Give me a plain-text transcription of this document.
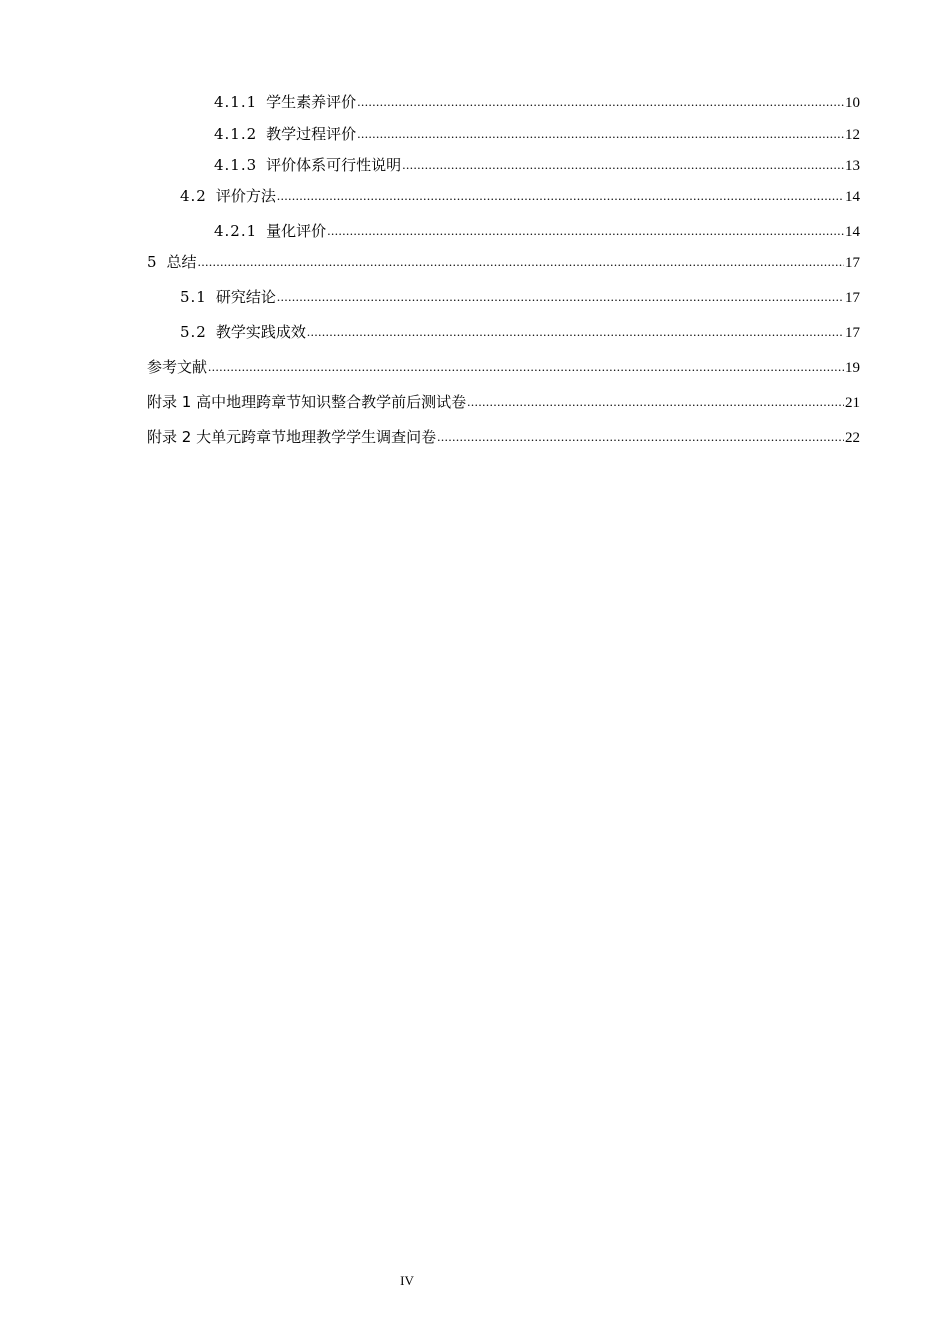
4.1.1 学生素养评价 .....	10
4.1.2 教学过程评价 .....	12
4.1.3 评价体系可行性说明 .....	13
4.2 评价方法 .....	14
4.2.1 量化评价 .....	14
5 总结 .....	17
5.1 研究结论 .....	17
5.2 教学实践成效 .....	17
参考文献 .....	19
附录 1 高中地理跨章节知识整合教学前后测试卷 .....	21
附录 2 大单元跨章节地理教学学生调查问卷 .....	22
IV
